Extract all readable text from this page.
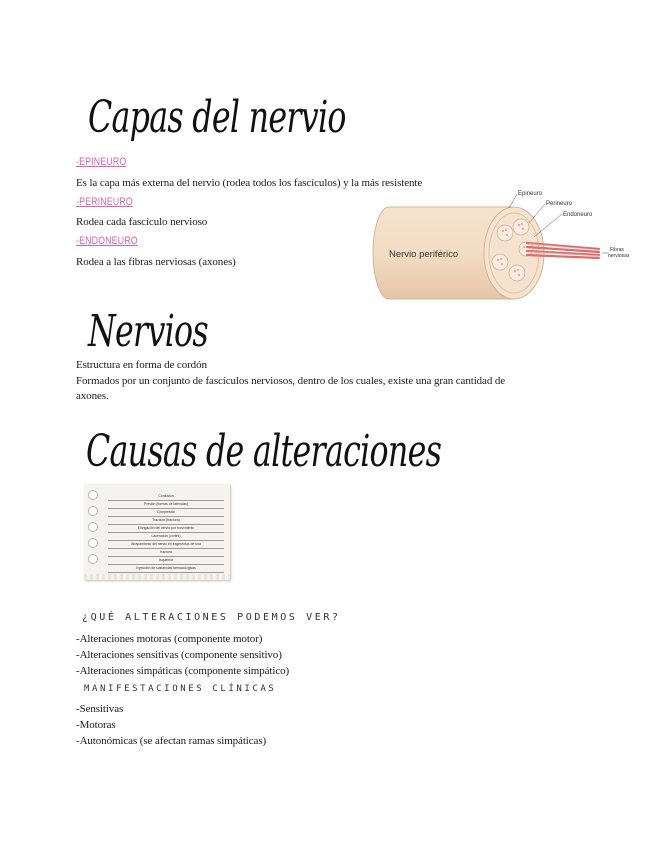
Capas del nervio
-EPINEURO
Es la capa más externa del nervio (rodea todos los fascículos) y la más resistente
-PERINEURO
Rodea cada fascículo nervioso
-ENDONEURO
Rodea a las fibras nerviosas (axones)
Nervio periférico
Epineuro
Perineuro
Endoneuro
Fibras
nerviosas
Nervios
Estructura en forma de cordón
Formados por un conjunto de fascículos nerviosos, dentro de los cuales, existe una gran cantidad de
axones.
Causas de alteraciones
Contusión
Presión (formas de latencias)
Compresión
Tracción (fractura)
Elongación del nervio por movimiento
Laceración (cortes)
Atrapamiento del nervio en fragmentos de una
fractura
Isquemia
Inyección de sustancias farmacológicas
¿QUÉ ALTERACIONES PODEMOS VER?
-Alteraciones motoras (componente motor)
-Alteraciones sensitivas (componente sensitivo)
-Alteraciones simpáticas (componente simpático)
MANIFESTACIONES CLÍNICAS
-Sensitivas
-Motoras
-Autonómicas (se afectan ramas simpáticas)
